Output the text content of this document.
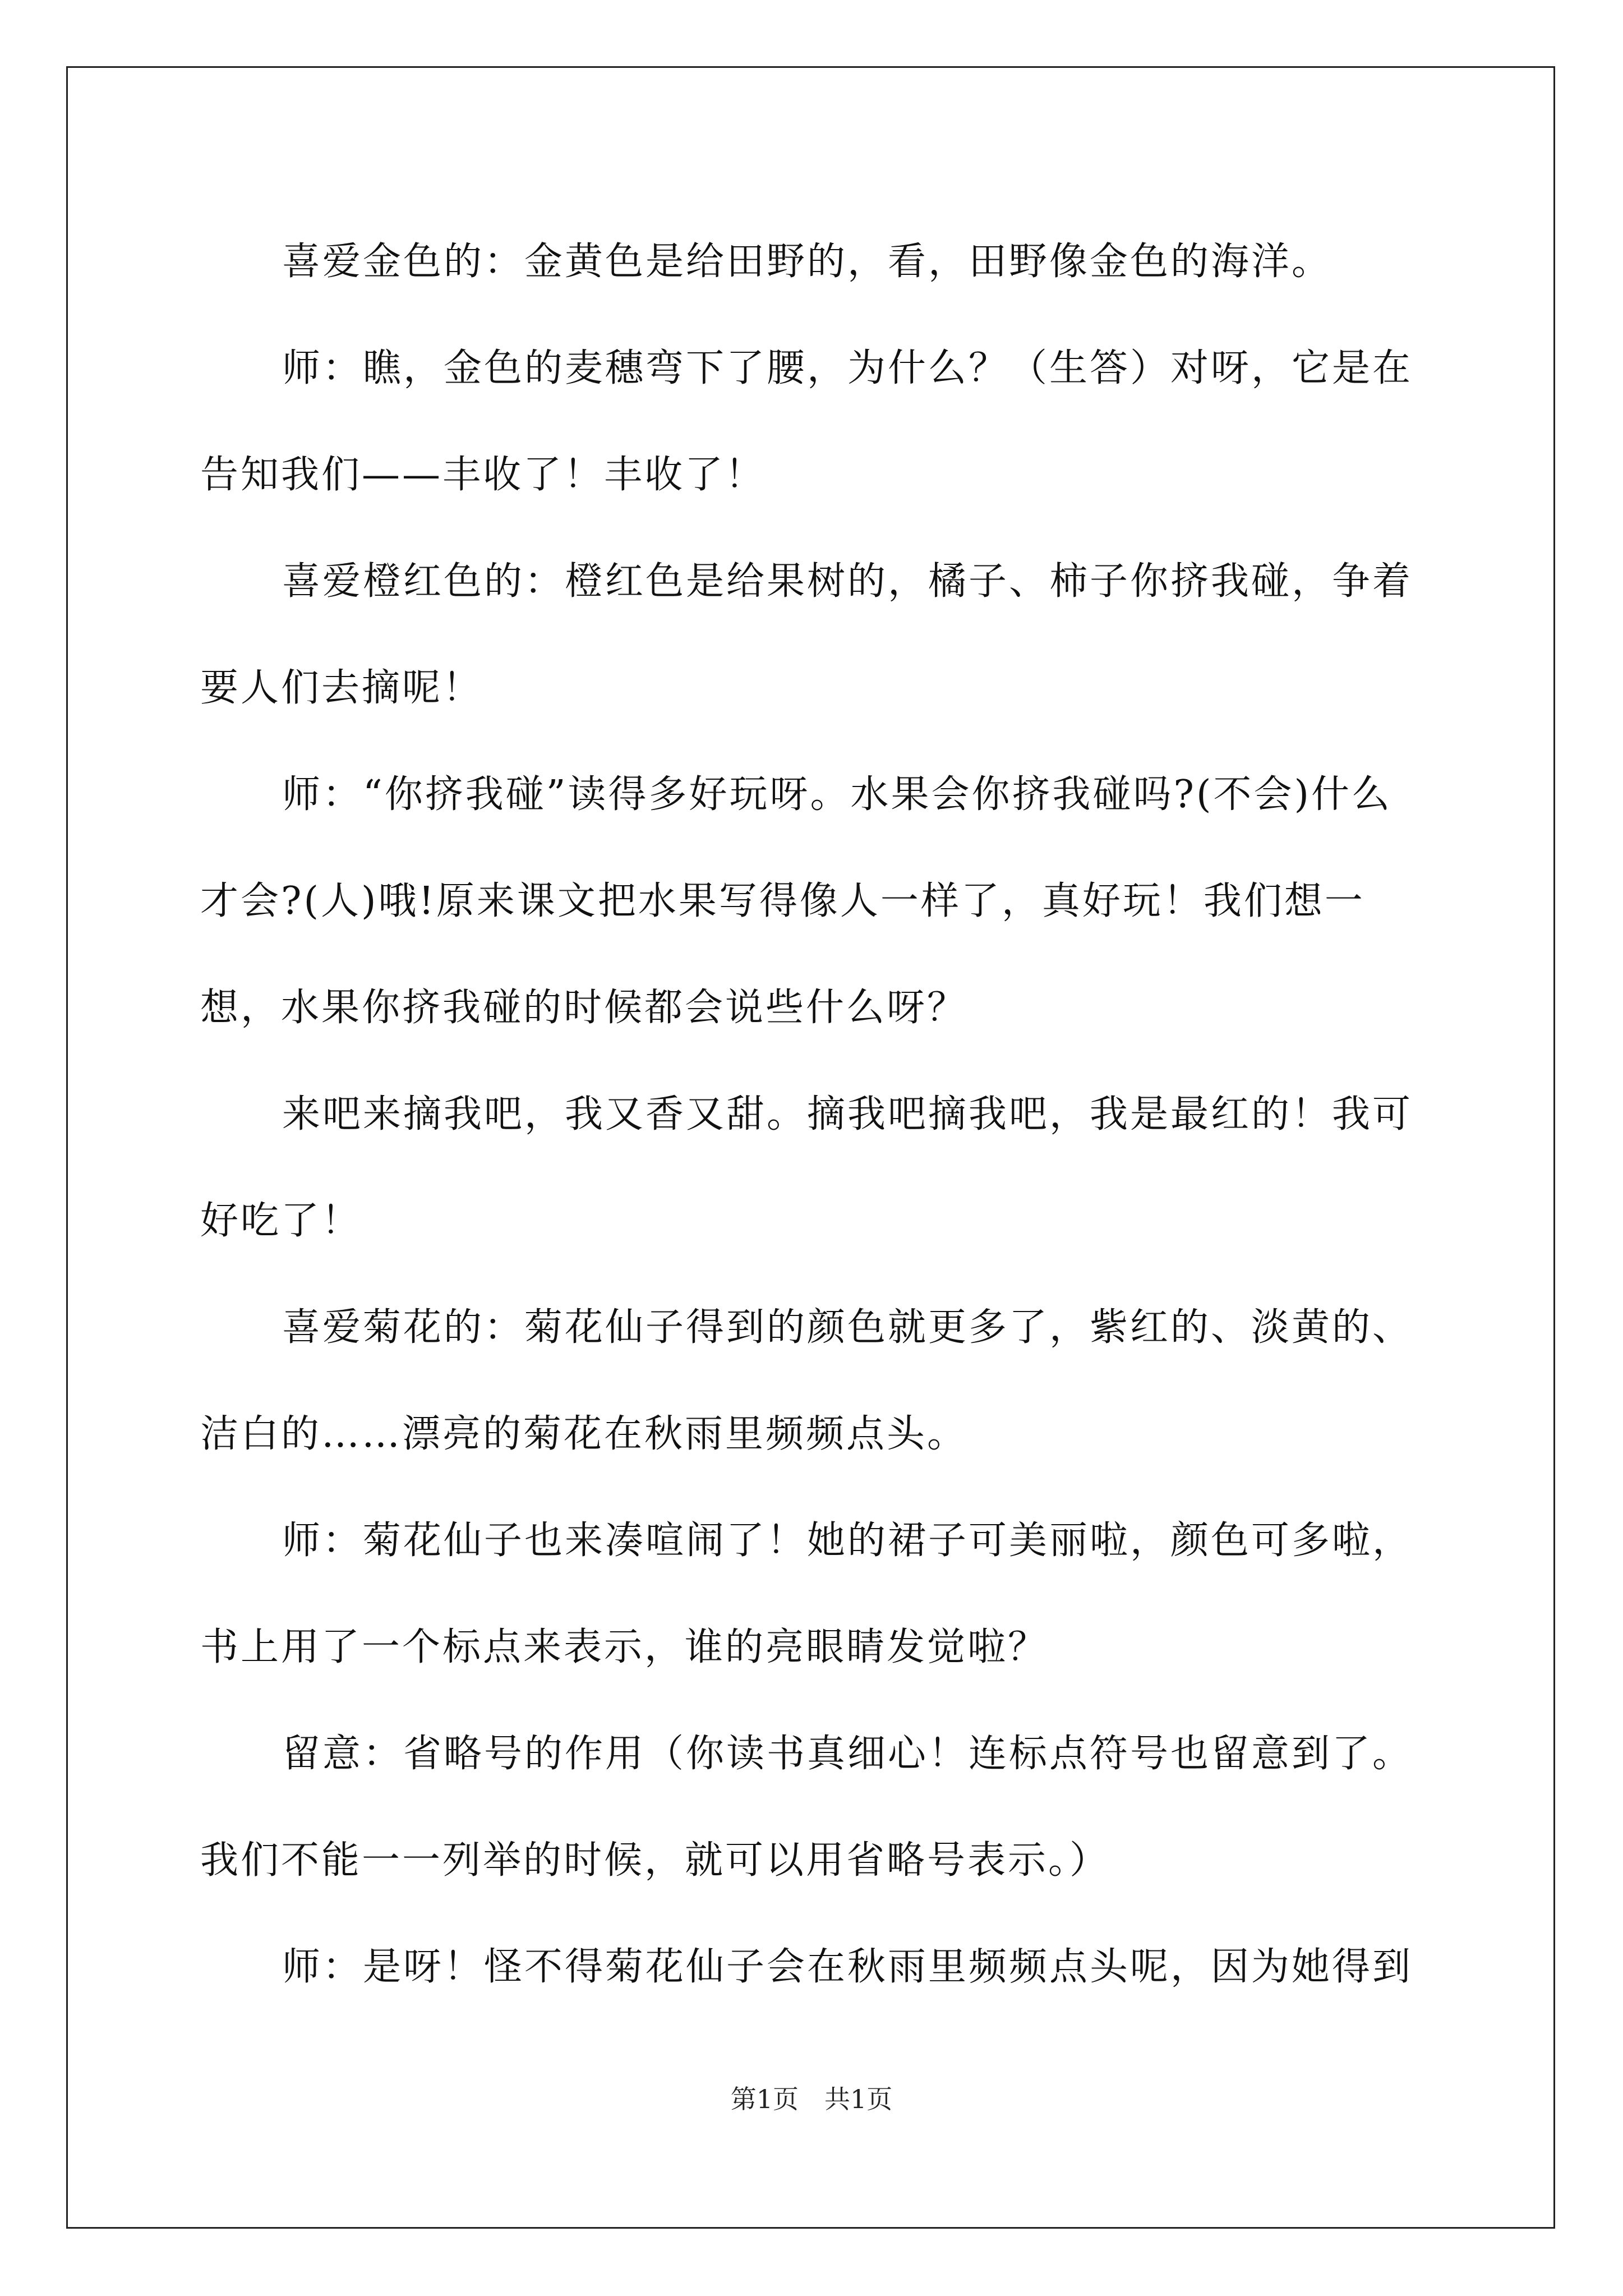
喜爱金色的：金黄色是给田野的，看，田野像金色的海洋。

师：瞧，金色的麦穗弯下了腰，为什么？（生答）对呀，它是在告知我们——丰收了！丰收了！

喜爱橙红色的：橙红色是给果树的，橘子、柿子你挤我碰，争着要人们去摘呢！

师：“你挤我碰”读得多好玩呀。水果会你挤我碰吗?(不会)什么才会?(人)哦!原来课文把水果写得像人一样了，真好玩！我们想一想，水果你挤我碰的时候都会说些什么呀？

来吧来摘我吧，我又香又甜。摘我吧摘我吧，我是最红的！我可好吃了！

喜爱菊花的：菊花仙子得到的颜色就更多了，紫红的、淡黄的、洁白的……漂亮的菊花在秋雨里频频点头。

师：菊花仙子也来凑喧闹了！她的裙子可美丽啦，颜色可多啦，书上用了一个标点来表示，谁的亮眼睛发觉啦？

留意：省略号的作用（你读书真细心！连标点符号也留意到了。我们不能一一列举的时候，就可以用省略号表示。）

师：是呀！怪不得菊花仙子会在秋雨里频频点头呢，因为她得到

第1页　共1页
